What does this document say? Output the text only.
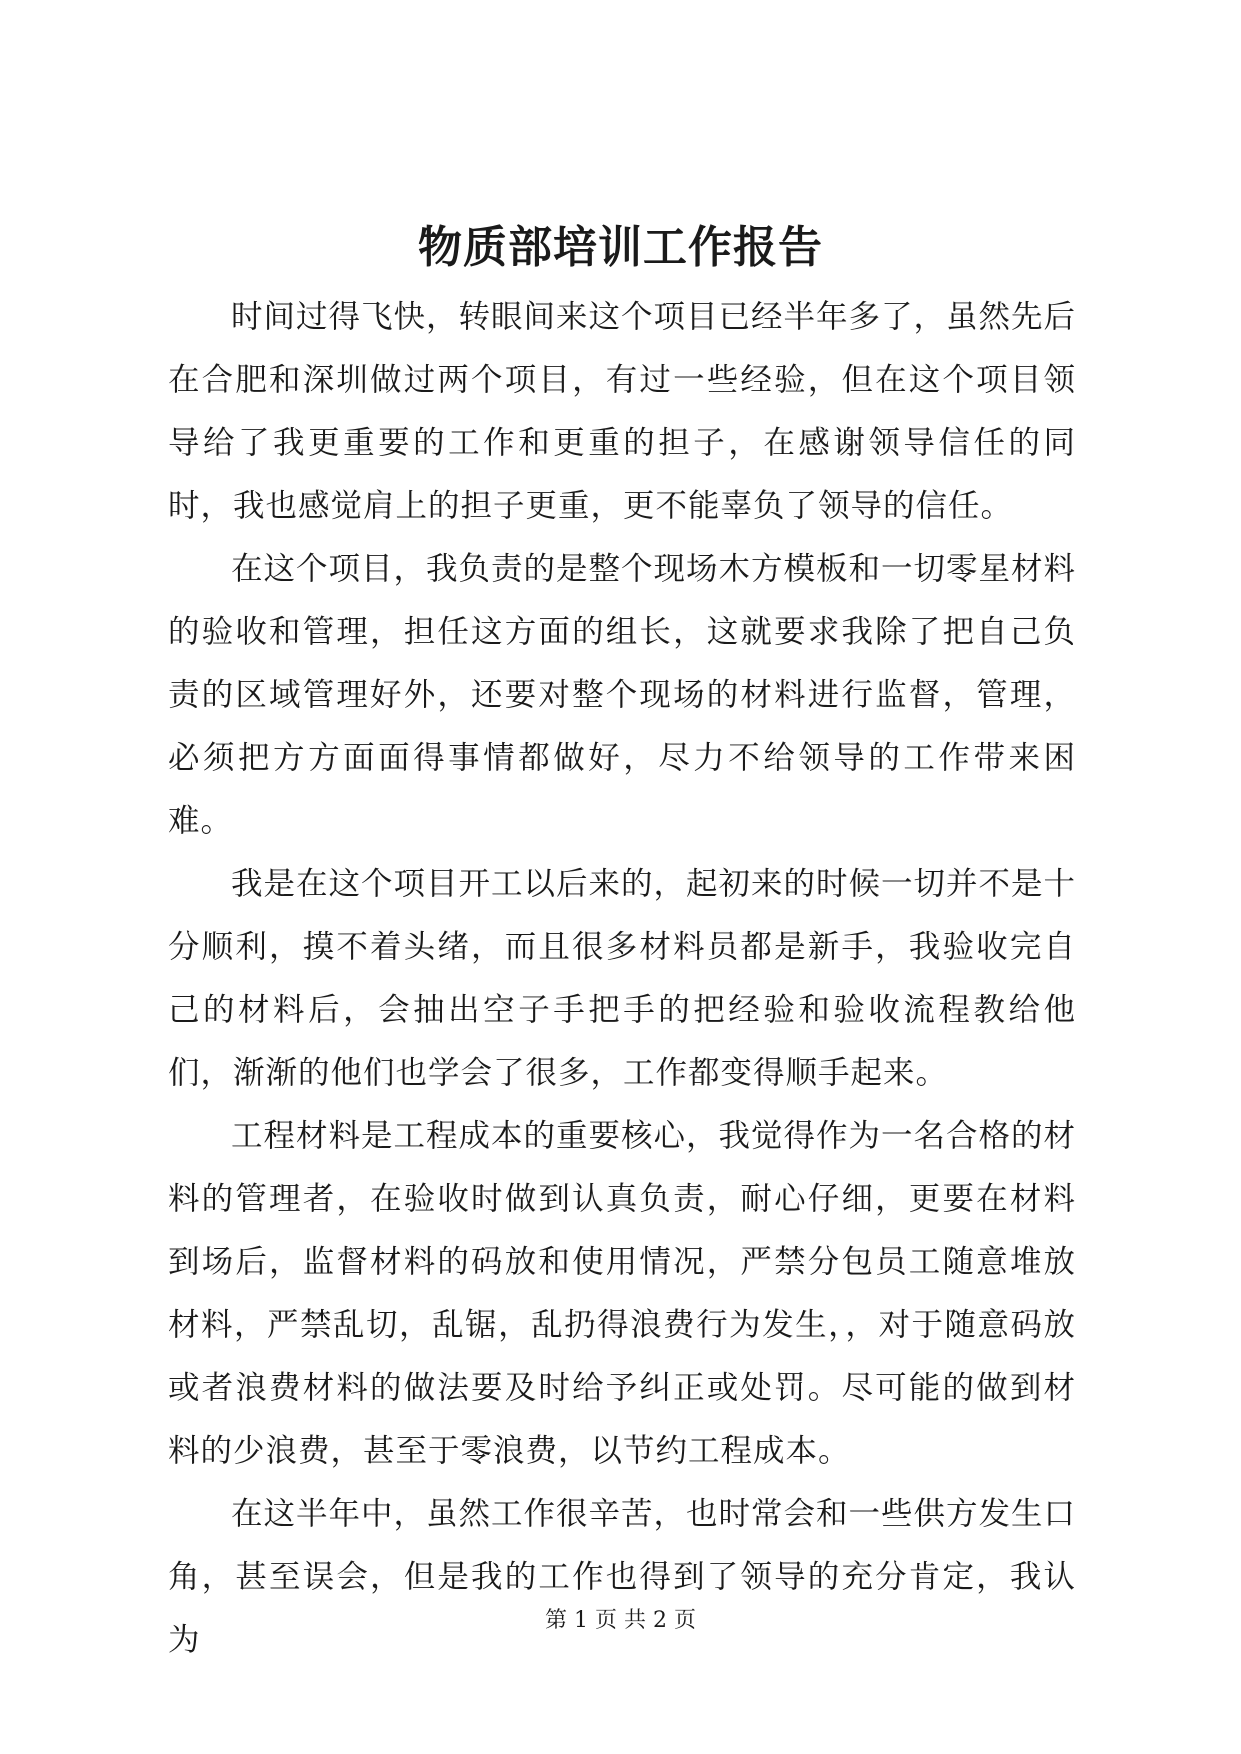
物质部培训工作报告

时间过得飞快，转眼间来这个项目已经半年多了，虽然先后在合肥和深圳做过两个项目，有过一些经验，但在这个项目领导给了我更重要的工作和更重的担子，在感谢领导信任的同时，我也感觉肩上的担子更重，更不能辜负了领导的信任。

在这个项目，我负责的是整个现场木方模板和一切零星材料的验收和管理，担任这方面的组长，这就要求我除了把自己负责的区域管理好外，还要对整个现场的材料进行监督，管理，必须把方方面面得事情都做好，尽力不给领导的工作带来困难。

我是在这个项目开工以后来的，起初来的时候一切并不是十分顺利，摸不着头绪，而且很多材料员都是新手，我验收完自己的材料后，会抽出空子手把手的把经验和验收流程教给他们，渐渐的他们也学会了很多，工作都变得顺手起来。

工程材料是工程成本的重要核心，我觉得作为一名合格的材料的管理者，在验收时做到认真负责，耐心仔细，更要在材料到场后，监督材料的码放和使用情况，严禁分包员工随意堆放材料，严禁乱切，乱锯，乱扔得浪费行为发生，，对于随意码放或者浪费材料的做法要及时给予纠正或处罚。尽可能的做到材料的少浪费，甚至于零浪费，以节约工程成本。

在这半年中，虽然工作很辛苦，也时常会和一些供方发生口角，甚至误会，但是我的工作也得到了领导的充分肯定，我认为

第 1 页 共 2 页
